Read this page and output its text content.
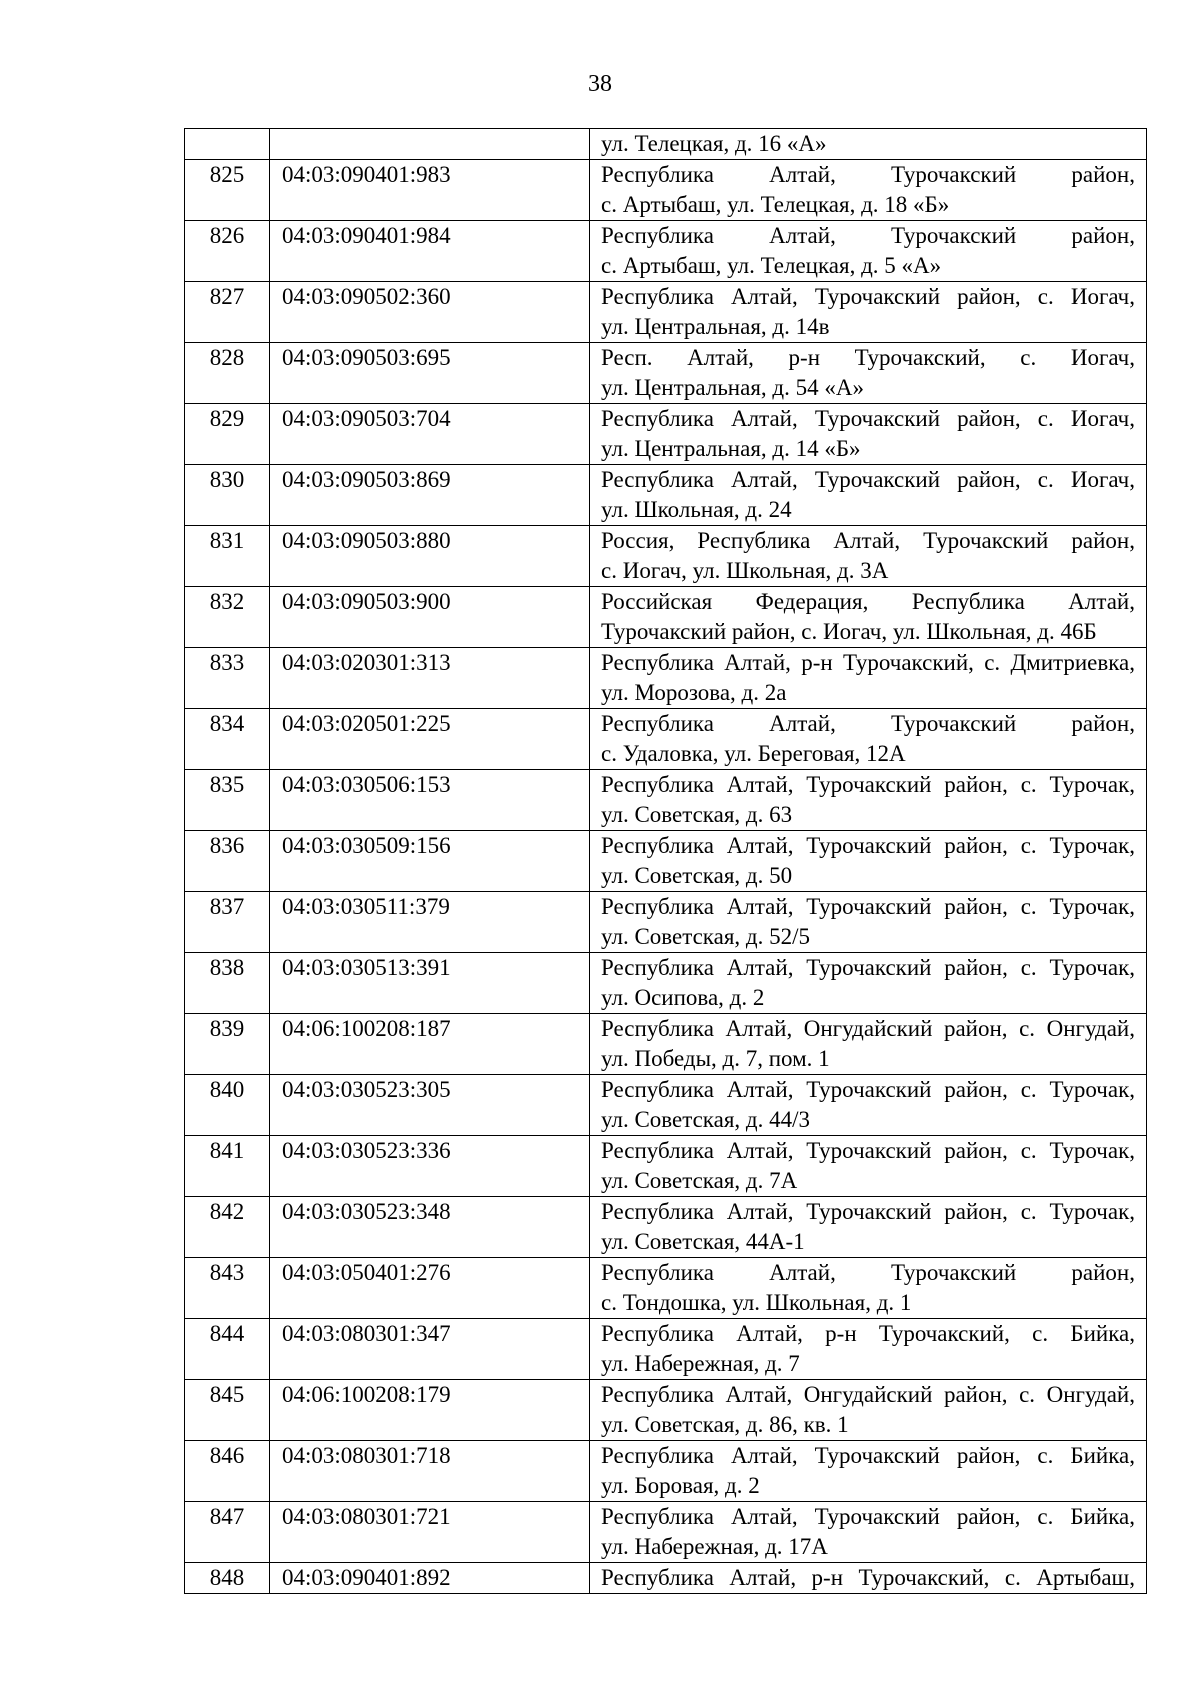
38

		ул. Телецкая, д. 16 «А»

825	04:03:090401:983	Республика Алтай, Турочакский район,
с. Артыбаш, ул. Телецкая, д. 18 «Б»

826	04:03:090401:984	Республика Алтай, Турочакский район,
с. Артыбаш, ул. Телецкая, д. 5 «А»

827	04:03:090502:360	Республика Алтай, Турочакский район, с. Иогач,
ул. Центральная, д. 14в

828	04:03:090503:695	Респ. Алтай, р-н Турочакский, с. Иогач,
ул. Центральная, д. 54 «А»

829	04:03:090503:704	Республика Алтай, Турочакский район, с. Иогач,
ул. Центральная, д. 14 «Б»

830	04:03:090503:869	Республика Алтай, Турочакский район, с. Иогач,
ул. Школьная, д. 24

831	04:03:090503:880	Россия, Республика Алтай, Турочакский район,
с. Иогач, ул. Школьная, д. 3А

832	04:03:090503:900	Российская Федерация, Республика Алтай,
Турочакский район, с. Иогач, ул. Школьная, д. 46Б

833	04:03:020301:313	Республика Алтай, р-н Турочакский, с. Дмитриевка,
ул. Морозова, д. 2а

834	04:03:020501:225	Республика Алтай, Турочакский район,
с. Удаловка, ул. Береговая, 12А

835	04:03:030506:153	Республика Алтай, Турочакский район, с. Турочак,
ул. Советская, д. 63

836	04:03:030509:156	Республика Алтай, Турочакский район, с. Турочак,
ул. Советская, д. 50

837	04:03:030511:379	Республика Алтай, Турочакский район, с. Турочак,
ул. Советская, д. 52/5

838	04:03:030513:391	Республика Алтай, Турочакский район, с. Турочак,
ул. Осипова, д. 2

839	04:06:100208:187	Республика Алтай, Онгудайский район, с. Онгудай,
ул. Победы, д. 7, пом. 1

840	04:03:030523:305	Республика Алтай, Турочакский район, с. Турочак,
ул. Советская, д. 44/3

841	04:03:030523:336	Республика Алтай, Турочакский район, с. Турочак,
ул. Советская, д. 7А

842	04:03:030523:348	Республика Алтай, Турочакский район, с. Турочак,
ул. Советская, 44А-1

843	04:03:050401:276	Республика Алтай, Турочакский район,
с. Тондошка, ул. Школьная, д. 1

844	04:03:080301:347	Республика Алтай, р-н Турочакский, с. Бийка,
ул. Набережная, д. 7

845	04:06:100208:179	Республика Алтай, Онгудайский район, с. Онгудай,
ул. Советская, д. 86, кв. 1

846	04:03:080301:718	Республика Алтай, Турочакский район, с. Бийка,
ул. Боровая, д. 2

847	04:03:080301:721	Республика Алтай, Турочакский район, с. Бийка,
ул. Набережная, д. 17А

848	04:03:090401:892	Республика Алтай, р-н Турочакский, с. Артыбаш,
